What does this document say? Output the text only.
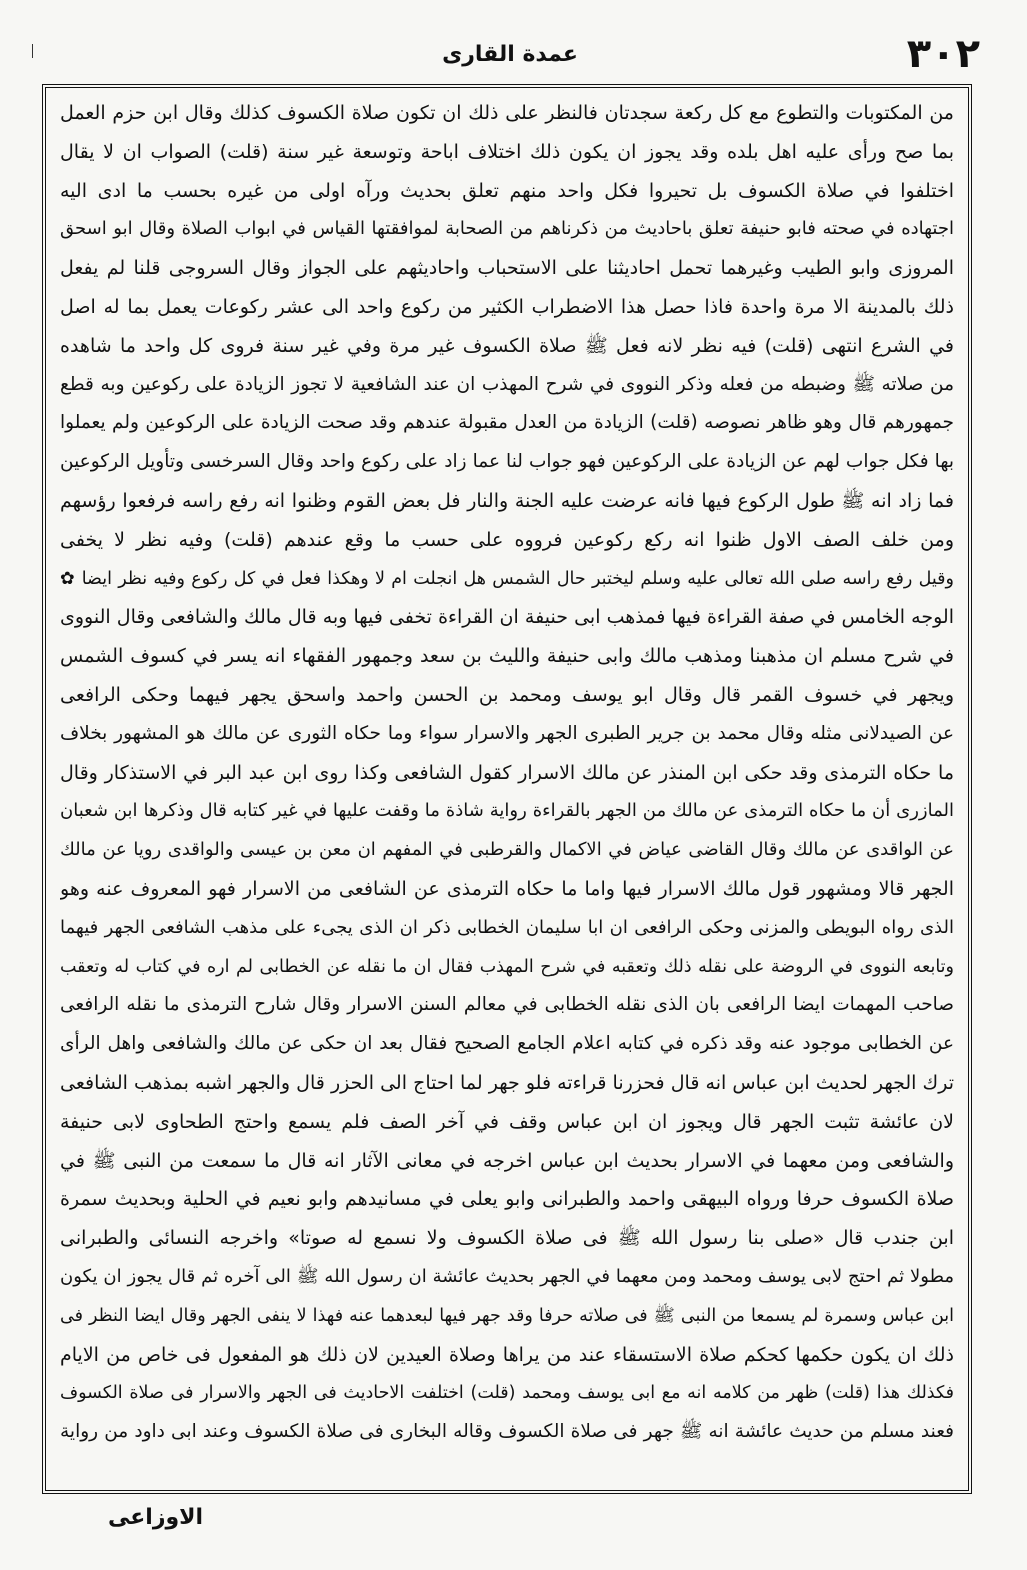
٣٠٢
عمدة القارى
من المكتوبات والتطوع مع كل ركعة سجدتان فالنظر على ذلك ان تكون صلاة الكسوف كذلك وقال ابن حزم العمل
بما صح ورأى عليه اهل بلده وقد يجوز ان يكون ذلك اختلاف اباحة وتوسعة غير سنة (قلت) الصواب ان لا يقال
اختلفوا في صلاة الكسوف بل تحيروا فكل واحد منهم تعلق بحديث ورآه اولى من غيره بحسب ما ادى اليه
اجتهاده في صحته فابو حنيفة تعلق باحاديث من ذكرناهم من الصحابة لموافقتها القياس في ابواب الصلاة وقال ابو اسحق
المروزى وابو الطيب وغيرهما تحمل احاديثنا على الاستحباب واحاديثهم على الجواز وقال السروجى قلنا لم يفعل
ذلك بالمدينة الا مرة واحدة فاذا حصل هذا الاضطراب الكثير من ركوع واحد الى عشر ركوعات يعمل بما له اصل
في الشرع انتهى (قلت) فيه نظر لانه فعل ﷺ صلاة الكسوف غير مرة وفي غير سنة فروى كل واحد ما شاهده
من صلاته ﷺ وضبطه من فعله وذكر النووى في شرح المهذب ان عند الشافعية لا تجوز الزيادة على ركوعين وبه قطع
جمهورهم قال وهو ظاهر نصوصه (قلت) الزيادة من العدل مقبولة عندهم وقد صحت الزيادة على الركوعين ولم يعملوا
بها فكل جواب لهم عن الزيادة على الركوعين فهو جواب لنا عما زاد على ركوع واحد وقال السرخسى وتأويل الركوعين
فما زاد انه ﷺ طول الركوع فيها فانه عرضت عليه الجنة والنار فل بعض القوم وظنوا انه رفع راسه فرفعوا رؤسهم
ومن خلف الصف الاول ظنوا انه ركع ركوعين فرووه على حسب ما وقع عندهم (قلت) وفيه نظر لا يخفى
وقيل رفع راسه صلى الله تعالى عليه وسلم ليختبر حال الشمس هل انجلت ام لا وهكذا فعل في كل ركوع وفيه نظر ايضا ✿
الوجه الخامس في صفة القراءة فيها فمذهب ابى حنيفة ان القراءة تخفى فيها وبه قال مالك والشافعى وقال النووى
في شرح مسلم ان مذهبنا ومذهب مالك وابى حنيفة والليث بن سعد وجمهور الفقهاء انه يسر في كسوف الشمس
ويجهر في خسوف القمر قال وقال ابو يوسف ومحمد بن الحسن واحمد واسحق يجهر فيهما وحكى الرافعى
عن الصيدلانى مثله وقال محمد بن جرير الطبرى الجهر والاسرار سواء وما حكاه الثورى عن مالك هو المشهور بخلاف
ما حكاه الترمذى وقد حكى ابن المنذر عن مالك الاسرار كقول الشافعى وكذا روى ابن عبد البر في الاستذكار وقال
المازرى أن ما حكاه الترمذى عن مالك من الجهر بالقراءة رواية شاذة ما وقفت عليها في غير كتابه قال وذكرها ابن شعبان
عن الواقدى عن مالك وقال القاضى عياض في الاكمال والقرطبى في المفهم ان معن بن عيسى والواقدى رويا عن مالك
الجهر قالا ومشهور قول مالك الاسرار فيها واما ما حكاه الترمذى عن الشافعى من الاسرار فهو المعروف عنه وهو
الذى رواه البويطى والمزنى وحكى الرافعى ان ابا سليمان الخطابى ذكر ان الذى يجىء على مذهب الشافعى الجهر فيهما
وتابعه النووى في الروضة على نقله ذلك وتعقبه في شرح المهذب فقال ان ما نقله عن الخطابى لم اره في كتاب له وتعقب
صاحب المهمات ايضا الرافعى بان الذى نقله الخطابى في معالم السنن الاسرار وقال شارح الترمذى ما نقله الرافعى
عن الخطابى موجود عنه وقد ذكره في كتابه اعلام الجامع الصحيح فقال بعد ان حكى عن مالك والشافعى واهل الرأى
ترك الجهر لحديث ابن عباس انه قال فحزرنا قراءته فلو جهر لما احتاج الى الحزر قال والجهر اشبه بمذهب الشافعى
لان عائشة تثبت الجهر قال ويجوز ان ابن عباس وقف في آخر الصف فلم يسمع واحتج الطحاوى لابى حنيفة
والشافعى ومن معهما في الاسرار بحديث ابن عباس اخرجه في معانى الآثار انه قال ما سمعت من النبى ﷺ في
صلاة الكسوف حرفا ورواه البيهقى واحمد والطبرانى وابو يعلى في مسانيدهم وابو نعيم في الحلية وبحديث سمرة
ابن جندب قال «صلى بنا رسول الله ﷺ فى صلاة الكسوف ولا نسمع له صوتا» واخرجه النسائى والطبرانى
مطولا ثم احتج لابى يوسف ومحمد ومن معهما في الجهر بحديث عائشة ان رسول الله ﷺ الى آخره ثم قال يجوز ان يكون
ابن عباس وسمرة لم يسمعا من النبى ﷺ فى صلاته حرفا وقد جهر فيها لبعدهما عنه فهذا لا ينفى الجهر وقال ايضا النظر فى
ذلك ان يكون حكمها كحكم صلاة الاستسقاء عند من يراها وصلاة العيدين لان ذلك هو المفعول فى خاص من الايام
فكذلك هذا (قلت) ظهر من كلامه انه مع ابى يوسف ومحمد (قلت) اختلفت الاحاديث فى الجهر والاسرار فى صلاة الكسوف
فعند مسلم من حديث عائشة انه ﷺ جهر فى صلاة الكسوف وقاله البخارى فى صلاة الكسوف وعند ابى داود من رواية
الاوزاعى
